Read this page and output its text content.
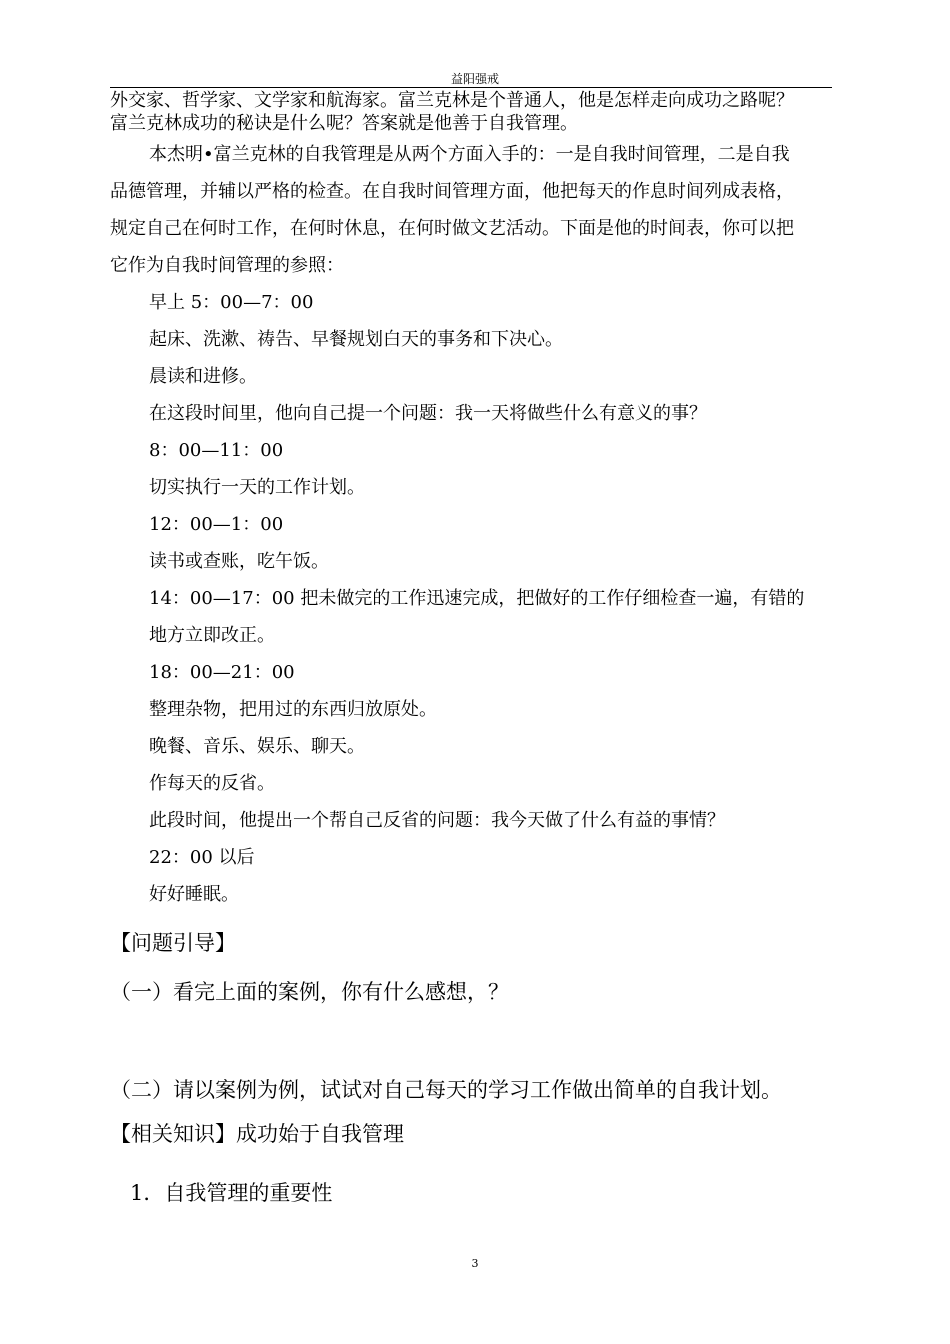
益阳强戒
外交家、哲学家、文学家和航海家。富兰克林是个普通人，他是怎样走向成功之路呢？
富兰克林成功的秘诀是什么呢？答案就是他善于自我管理。
本杰明•富兰克林的自我管理是从两个方面入手的：一是自我时间管理，二是自我
品德管理，并辅以严格的检查。在自我时间管理方面，他把每天的作息时间列成表格，
规定自己在何时工作，在何时休息，在何时做文艺活动。下面是他的时间表，你可以把
它作为自我时间管理的参照：
早上 5：00—7：00
起床、洗漱、祷告、早餐规划白天的事务和下决心。
晨读和进修。
在这段时间里，他向自己提一个问题：我一天将做些什么有意义的事？
8：00—11：00
切实执行一天的工作计划。
12：00—1：00
读书或查账，吃午饭。
14：00—17：00 把未做完的工作迅速完成，把做好的工作仔细检查一遍，有错的
地方立即改正。
18：00—21：00
整理杂物，把用过的东西归放原处。
晚餐、音乐、娱乐、聊天。
作每天的反省。
此段时间，他提出一个帮自己反省的问题：我今天做了什么有益的事情？
22：00 以后
好好睡眠。
【问题引导】
（一）看完上面的案例，你有什么感想，？
（二）请以案例为例，试试对自己每天的学习工作做出简单的自我计划。
【相关知识】成功始于自我管理
1．自我管理的重要性
3
